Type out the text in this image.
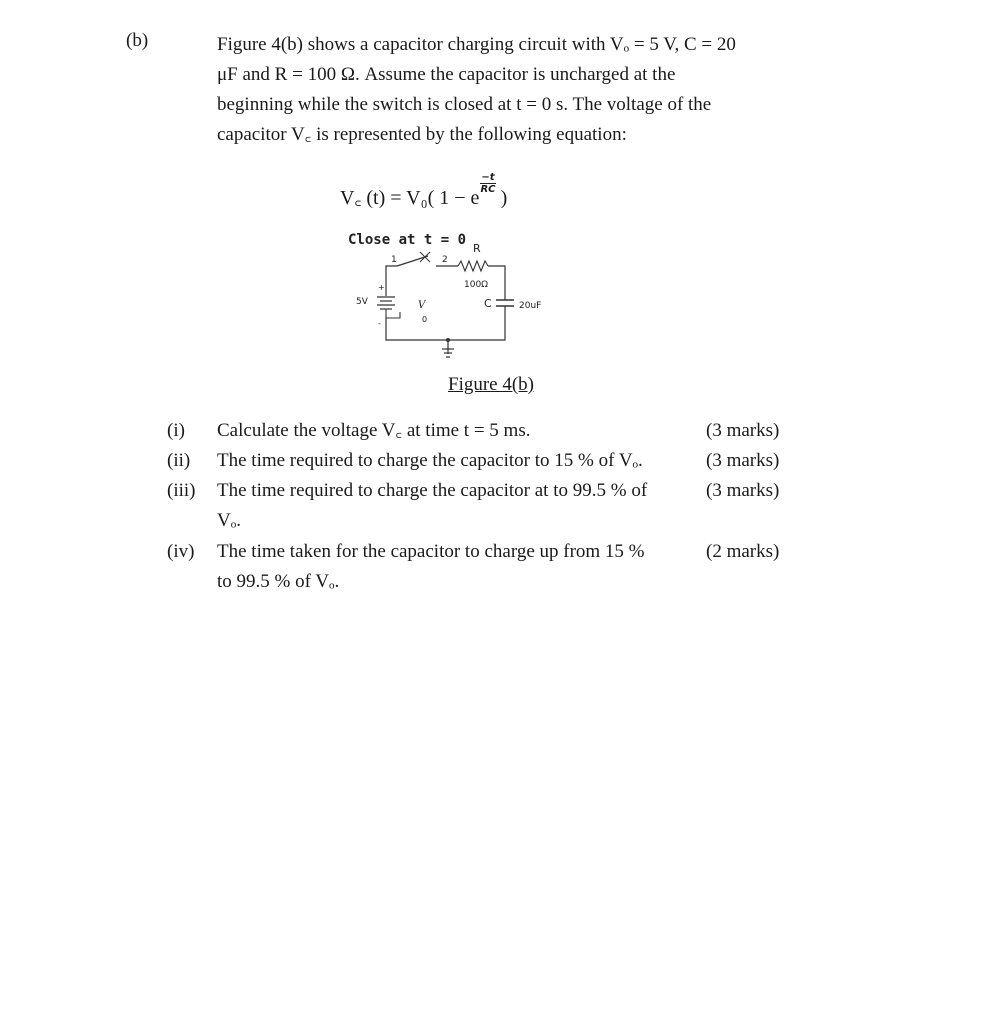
(b)	Figure 4(b) shows a capacitor charging circuit with Vₒ = 5 V, C = 20
μF and R = 100 Ω. Assume the capacitor is uncharged at the
beginning while the switch is closed at t = 0 s. The voltage of the
capacitor V꜀ is represented by the following equation:
V꜀ (t) = V₀( 1 − e
$\frac{-t}{RC}$
)
Close at t = 0
1	2
R
100Ω
C	20uF
5V
+
-
V
0
Figure 4(b)
(i) Calculate the voltage V꜀ at time t = 5 ms.	(3 marks)
(ii) The time required to charge the capacitor to 15 % of Vₒ.	(3 marks)
(iii) The time required to charge the capacitor at to 99.5 % of
Vₒ.
(3 marks)
(iv) The time taken for the capacitor to charge up from 15 %
to 99.5 % of Vₒ.
(2 marks)
